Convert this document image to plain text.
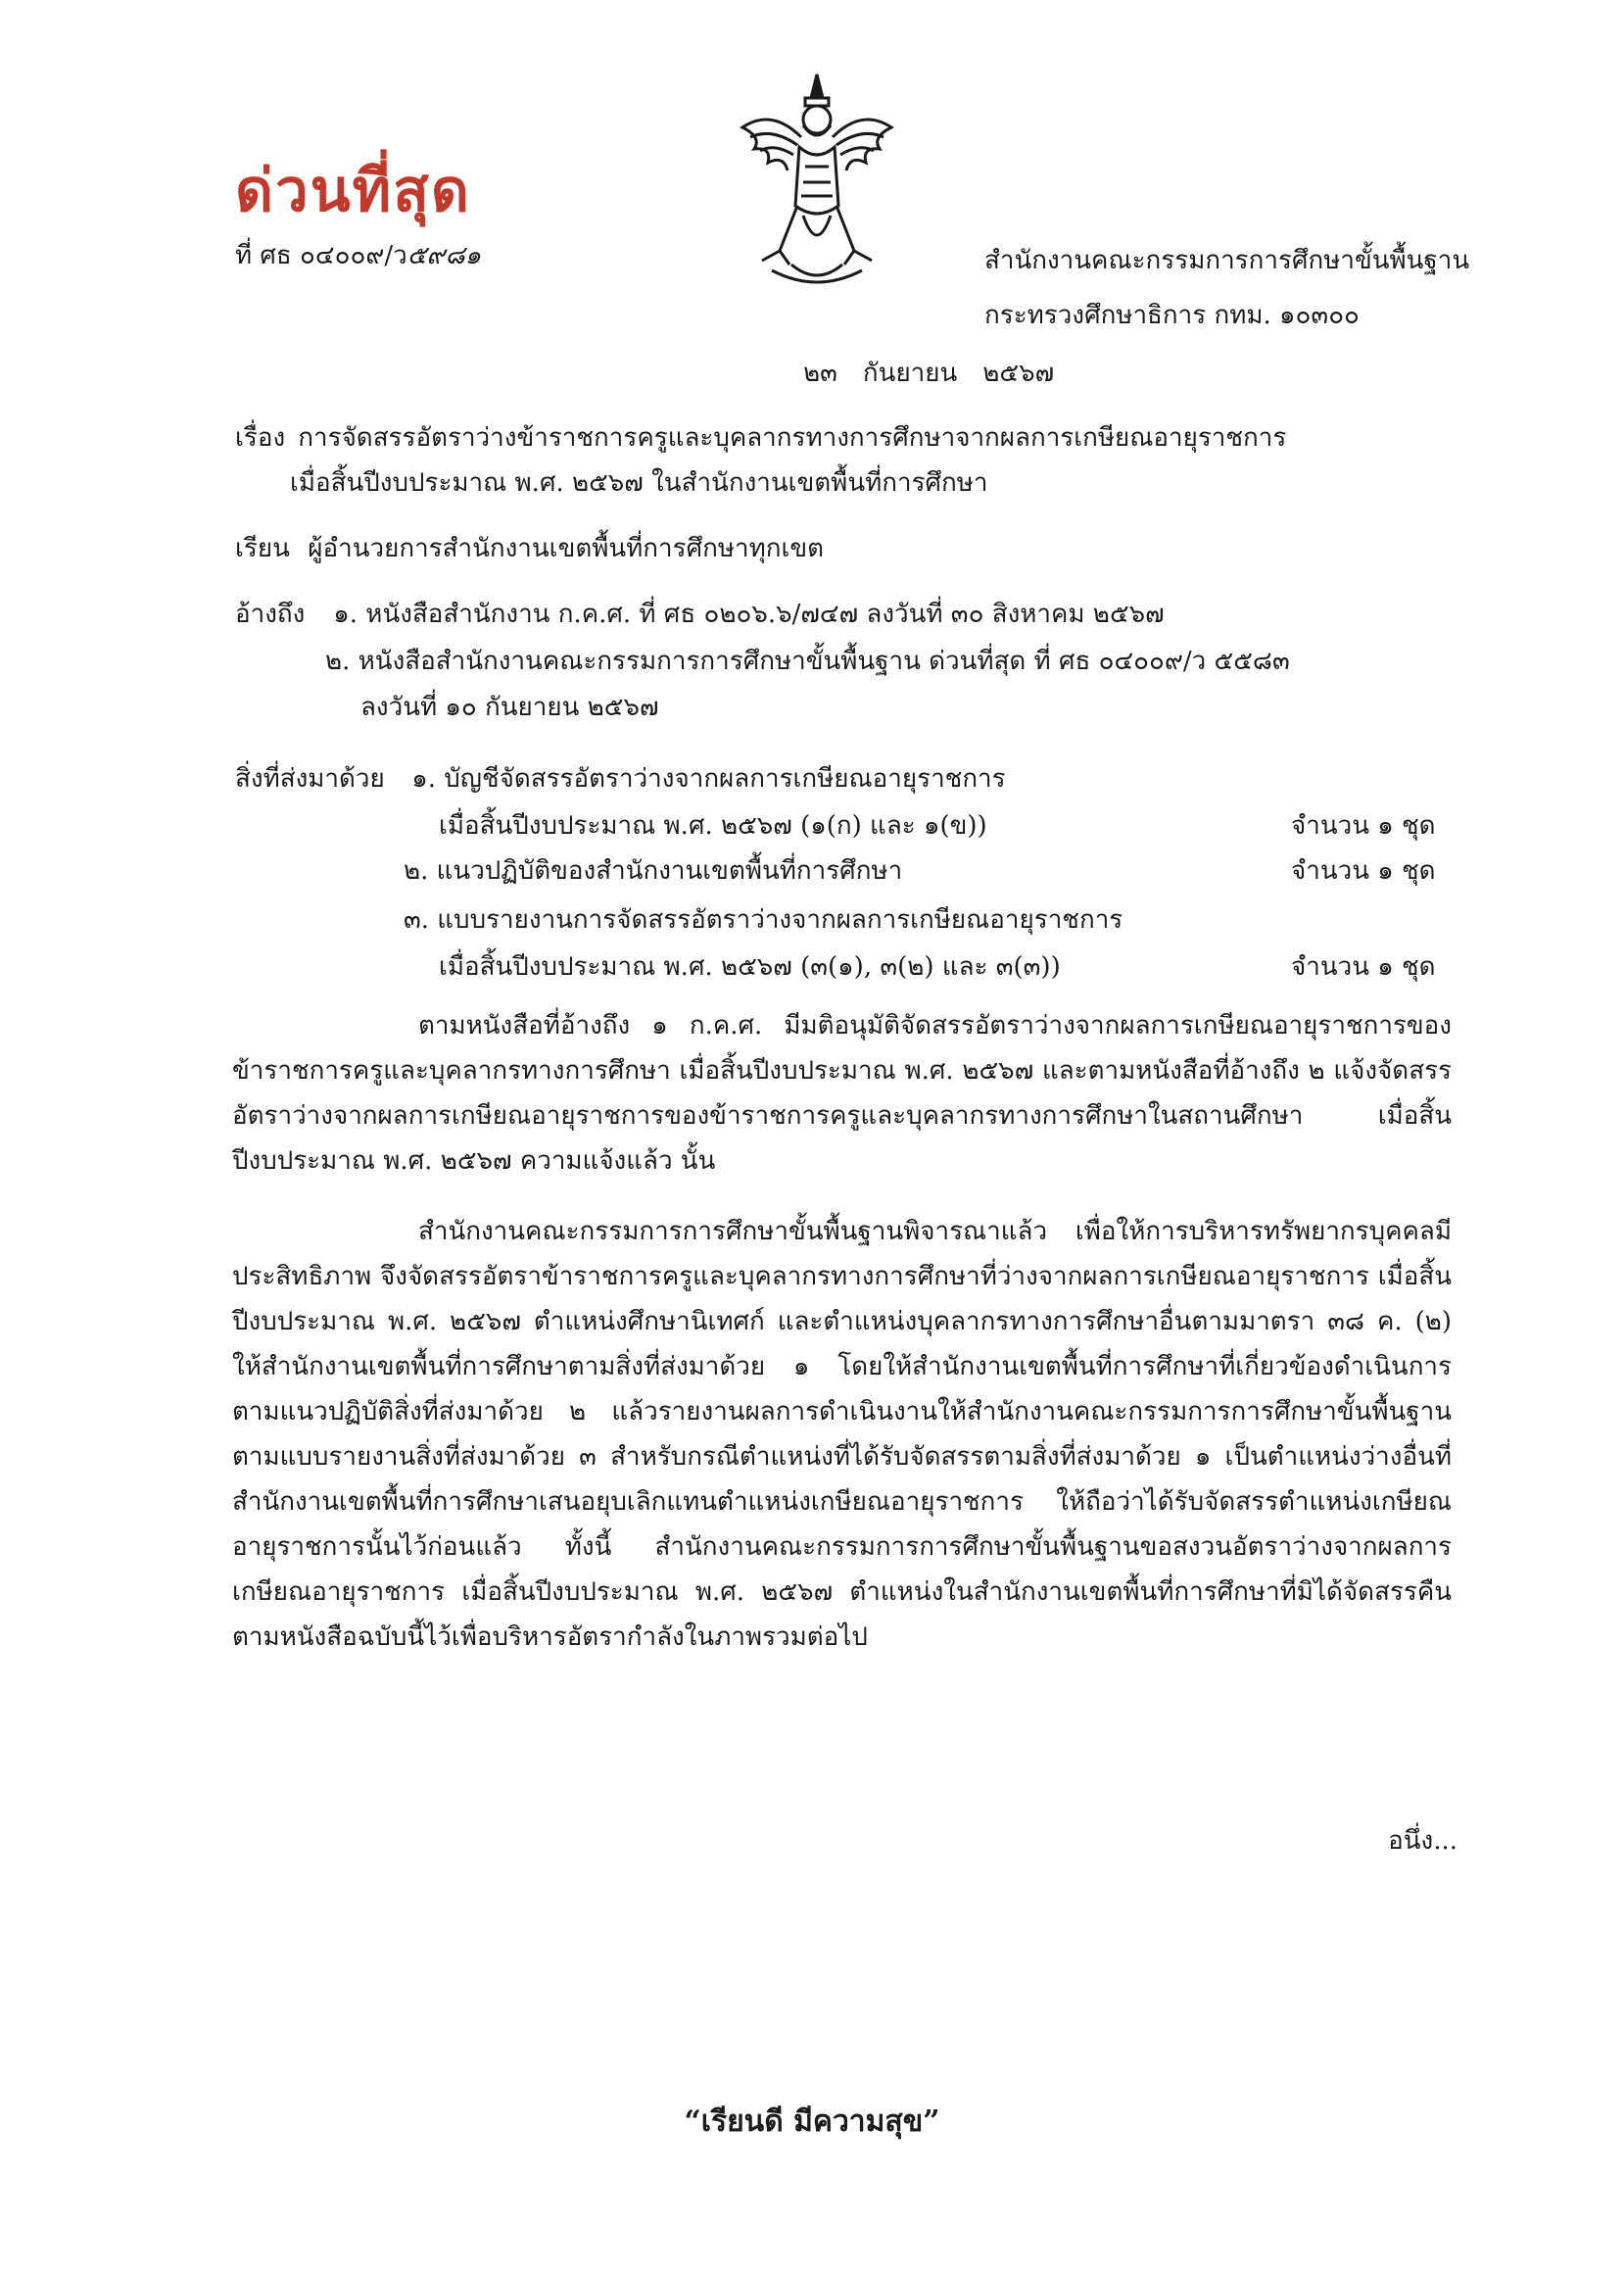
ด่วนที่สุด
ที่ ศธ ๐๔๐๐๙/ว๕๙๘๑	สำนักงานคณะกรรมการการศึกษาขั้นพื้นฐาน
กระทรวงศึกษาธิการ กทม. ๑๐๓๐๐
๒๓ กันยายน ๒๕๖๗
เรื่อง การจัดสรรอัตราว่างข้าราชการครูและบุคลากรทางการศึกษาจากผลการเกษียณอายุราชการ
เมื่อสิ้นปีงบประมาณ พ.ศ. ๒๕๖๗ ในสำนักงานเขตพื้นที่การศึกษา
เรียน ผู้อำนวยการสำนักงานเขตพื้นที่การศึกษาทุกเขต
อ้างถึง ๑. หนังสือสำนักงาน ก.ค.ศ. ที่ ศธ ๐๒๐๖.๖/๗๔๗ ลงวันที่ ๓๐ สิงหาคม ๒๕๖๗
๒. หนังสือสำนักงานคณะกรรมการการศึกษาขั้นพื้นฐาน ด่วนที่สุด ที่ ศธ ๐๔๐๐๙/ว ๕๕๘๓
ลงวันที่ ๑๐ กันยายน ๒๕๖๗
สิ่งที่ส่งมาด้วย ๑. บัญชีจัดสรรอัตราว่างจากผลการเกษียณอายุราชการ
เมื่อสิ้นปีงบประมาณ พ.ศ. ๒๕๖๗ (๑(ก) และ ๑(ข))	จำนวน ๑ ชุด
๒. แนวปฏิบัติของสำนักงานเขตพื้นที่การศึกษา	จำนวน ๑ ชุด
๓. แบบรายงานการจัดสรรอัตราว่างจากผลการเกษียณอายุราชการ
เมื่อสิ้นปีงบประมาณ พ.ศ. ๒๕๖๗ (๓(๑), ๓(๒) และ ๓(๓))	จำนวน ๑ ชุด

ตามหนังสือที่อ้างถึง ๑ ก.ค.ศ. มีมติอนุมัติจัดสรรอัตราว่างจากผลการเกษียณอายุราชการของข้าราชการครูและบุคลากรทางการศึกษา เมื่อสิ้นปีงบประมาณ พ.ศ. ๒๕๖๗ และตามหนังสือที่อ้างถึง ๒ แจ้งจัดสรรอัตราว่างจากผลการเกษียณอายุราชการของข้าราชการครูและบุคลากรทางการศึกษาในสถานศึกษา เมื่อสิ้นปีงบประมาณ พ.ศ. ๒๕๖๗ ความแจ้งแล้ว นั้น

สำนักงานคณะกรรมการการศึกษาขั้นพื้นฐานพิจารณาแล้ว เพื่อให้การบริหารทรัพยากรบุคคลมีประสิทธิภาพ จึงจัดสรรอัตราข้าราชการครูและบุคลากรทางการศึกษาที่ว่างจากผลการเกษียณอายุราชการ เมื่อสิ้นปีงบประมาณ พ.ศ. ๒๕๖๗ ตำแหน่งศึกษานิเทศก์ และตำแหน่งบุคลากรทางการศึกษาอื่นตามมาตรา ๓๘ ค. (๒) ให้สำนักงานเขตพื้นที่การศึกษาตามสิ่งที่ส่งมาด้วย ๑ โดยให้สำนักงานเขตพื้นที่การศึกษาที่เกี่ยวข้องดำเนินการตามแนวปฏิบัติสิ่งที่ส่งมาด้วย ๒ แล้วรายงานผลการดำเนินงานให้สำนักงานคณะกรรมการการศึกษาขั้นพื้นฐานตามแบบรายงานสิ่งที่ส่งมาด้วย ๓ สำหรับกรณีตำแหน่งที่ได้รับจัดสรรตามสิ่งที่ส่งมาด้วย ๑ เป็นตำแหน่งว่างอื่นที่สำนักงานเขตพื้นที่การศึกษาเสนอยุบเลิกแทนตำแหน่งเกษียณอายุราชการ ให้ถือว่าได้รับจัดสรรตำแหน่งเกษียณอายุราชการนั้นไว้ก่อนแล้ว ทั้งนี้ สำนักงานคณะกรรมการการศึกษาขั้นพื้นฐานขอสงวนอัตราว่างจากผลการเกษียณอายุราชการ เมื่อสิ้นปีงบประมาณ พ.ศ. ๒๕๖๗ ตำแหน่งในสำนักงานเขตพื้นที่การศึกษาที่มิได้จัดสรรคืนตามหนังสือฉบับนี้ไว้เพื่อบริหารอัตรากำลังในภาพรวมต่อไป

อนึ่ง...
“เรียนดี มีความสุข”
